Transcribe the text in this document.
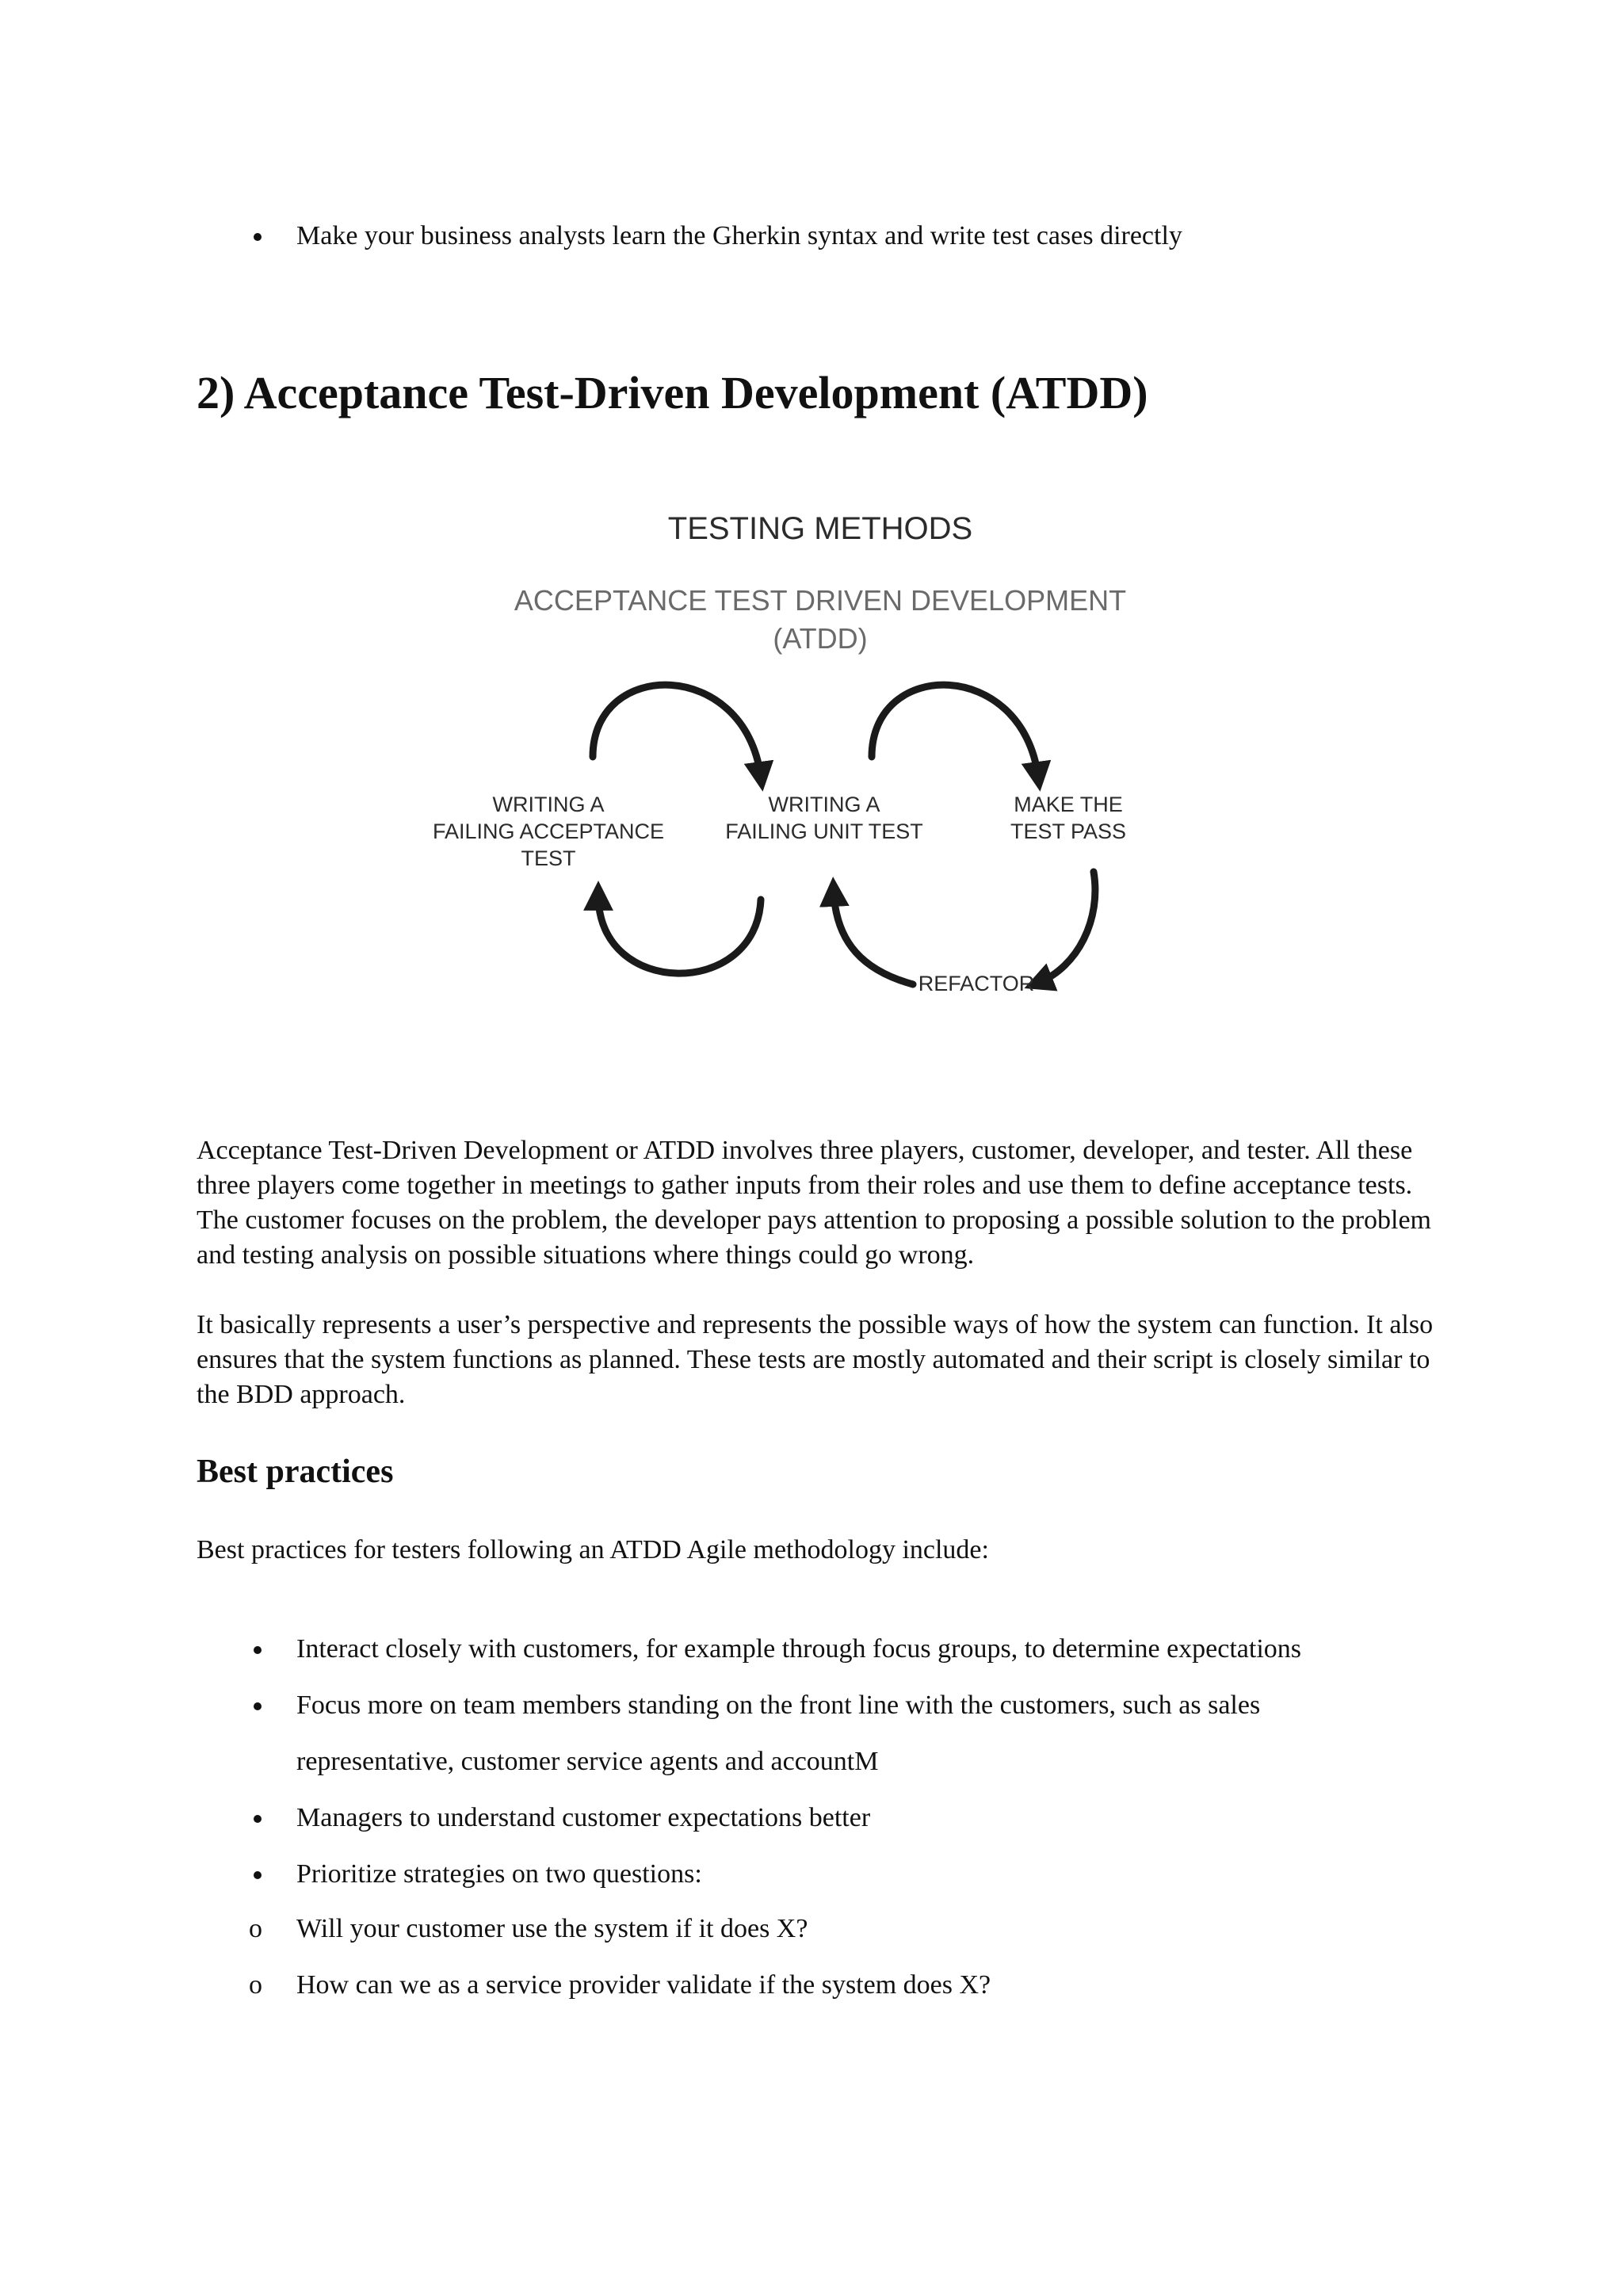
Make your business analysts learn the Gherkin syntax and write test cases directly
2) Acceptance Test-Driven Development (ATDD)
TESTING METHODS
ACCEPTANCE TEST DRIVEN DEVELOPMENT
(ATDD)
WRITING A
FAILING ACCEPTANCE
TEST
WRITING A
FAILING UNIT TEST
MAKE THE
TEST PASS
REFACTOR

Acceptance Test-Driven Development or ATDD involves three players, customer, developer, and tester. All these three players come together in meetings to gather inputs from their roles and use them to define acceptance tests. The customer focuses on the problem, the developer pays attention to proposing a possible solution to the problem and testing analysis on possible situations where things could go wrong.

It basically represents a user’s perspective and represents the possible ways of how the system can function. It also ensures that the system functions as planned. These tests are mostly automated and their script is closely similar to the BDD approach.

Best practices

Best practices for testers following an ATDD Agile methodology include:

Interact closely with customers, for example through focus groups, to determine expectations
Focus more on team members standing on the front line with the customers, such as sales
representative, customer service agents and accountM
Managers to understand customer expectations better
Prioritize strategies on two questions:
o Will your customer use the system if it does X?
o How can we as a service provider validate if the system does X?
